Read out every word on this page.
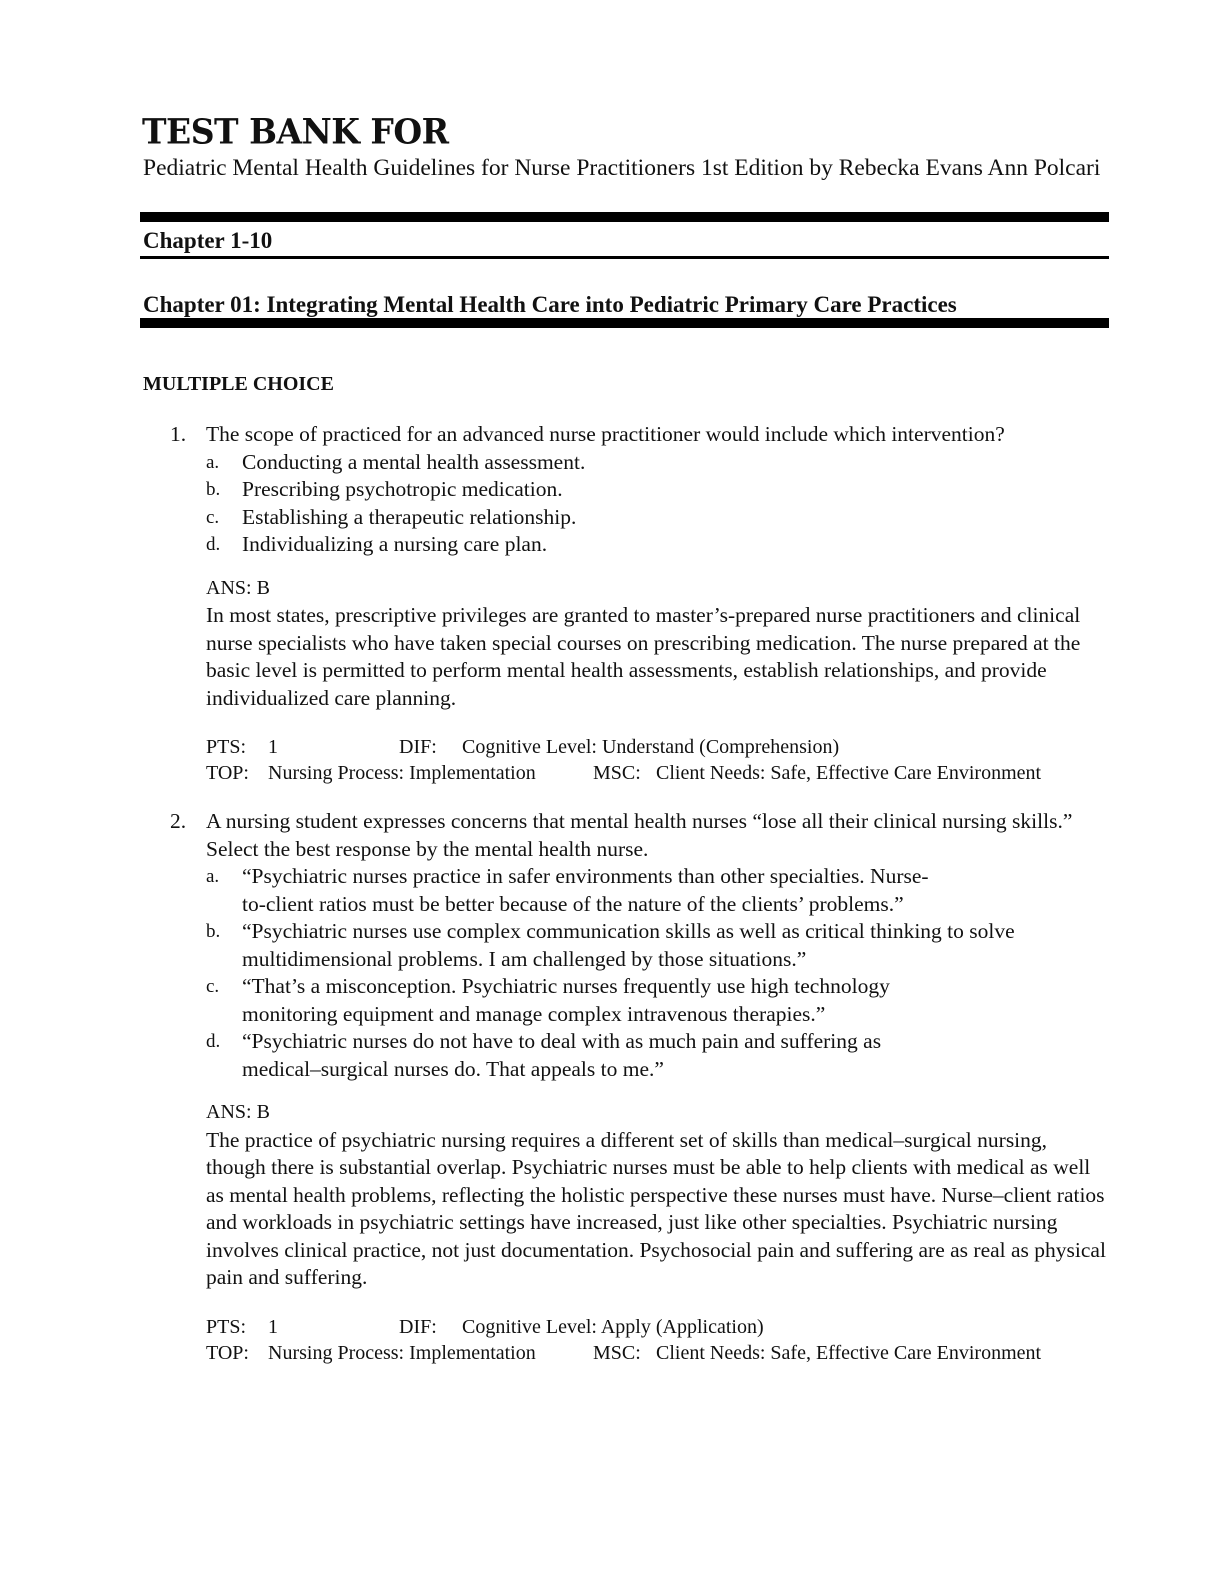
TEST BANK FOR
Pediatric Mental Health Guidelines for Nurse Practitioners 1st Edition by Rebecka Evans Ann Polcari
Chapter 1-10
Chapter 01: Integrating Mental Health Care into Pediatric Primary Care Practices
MULTIPLE CHOICE
1. The scope of practiced for an advanced nurse practitioner would include which intervention?
a. Conducting a mental health assessment.
b. Prescribing psychotropic medication.
c. Establishing a therapeutic relationship.
d. Individualizing a nursing care plan.
ANS: B
In most states, prescriptive privileges are granted to master’s-prepared nurse practitioners and clinical nurse specialists who have taken special courses on prescribing medication. The nurse prepared at the basic level is permitted to perform mental health assessments, establish relationships, and provide individualized care planning.
PTS: 1	DIF: Cognitive Level: Understand (Comprehension)
TOP: Nursing Process: Implementation	MSC: Client Needs: Safe, Effective Care Environment
2. A nursing student expresses concerns that mental health nurses “lose all their clinical nursing skills.” Select the best response by the mental health nurse.
a. “Psychiatric nurses practice in safer environments than other specialties. Nurse-to-client ratios must be better because of the nature of the clients’ problems.”
b. “Psychiatric nurses use complex communication skills as well as critical thinking to solve multidimensional problems. I am challenged by those situations.”
c. “That’s a misconception. Psychiatric nurses frequently use high technology monitoring equipment and manage complex intravenous therapies.”
d. “Psychiatric nurses do not have to deal with as much pain and suffering as medical–surgical nurses do. That appeals to me.”
ANS: B
The practice of psychiatric nursing requires a different set of skills than medical–surgical nursing, though there is substantial overlap. Psychiatric nurses must be able to help clients with medical as well as mental health problems, reflecting the holistic perspective these nurses must have. Nurse–client ratios and workloads in psychiatric settings have increased, just like other specialties. Psychiatric nursing involves clinical practice, not just documentation. Psychosocial pain and suffering are as real as physical pain and suffering.
PTS: 1	DIF: Cognitive Level: Apply (Application)
TOP: Nursing Process: Implementation	MSC: Client Needs: Safe, Effective Care Environment
